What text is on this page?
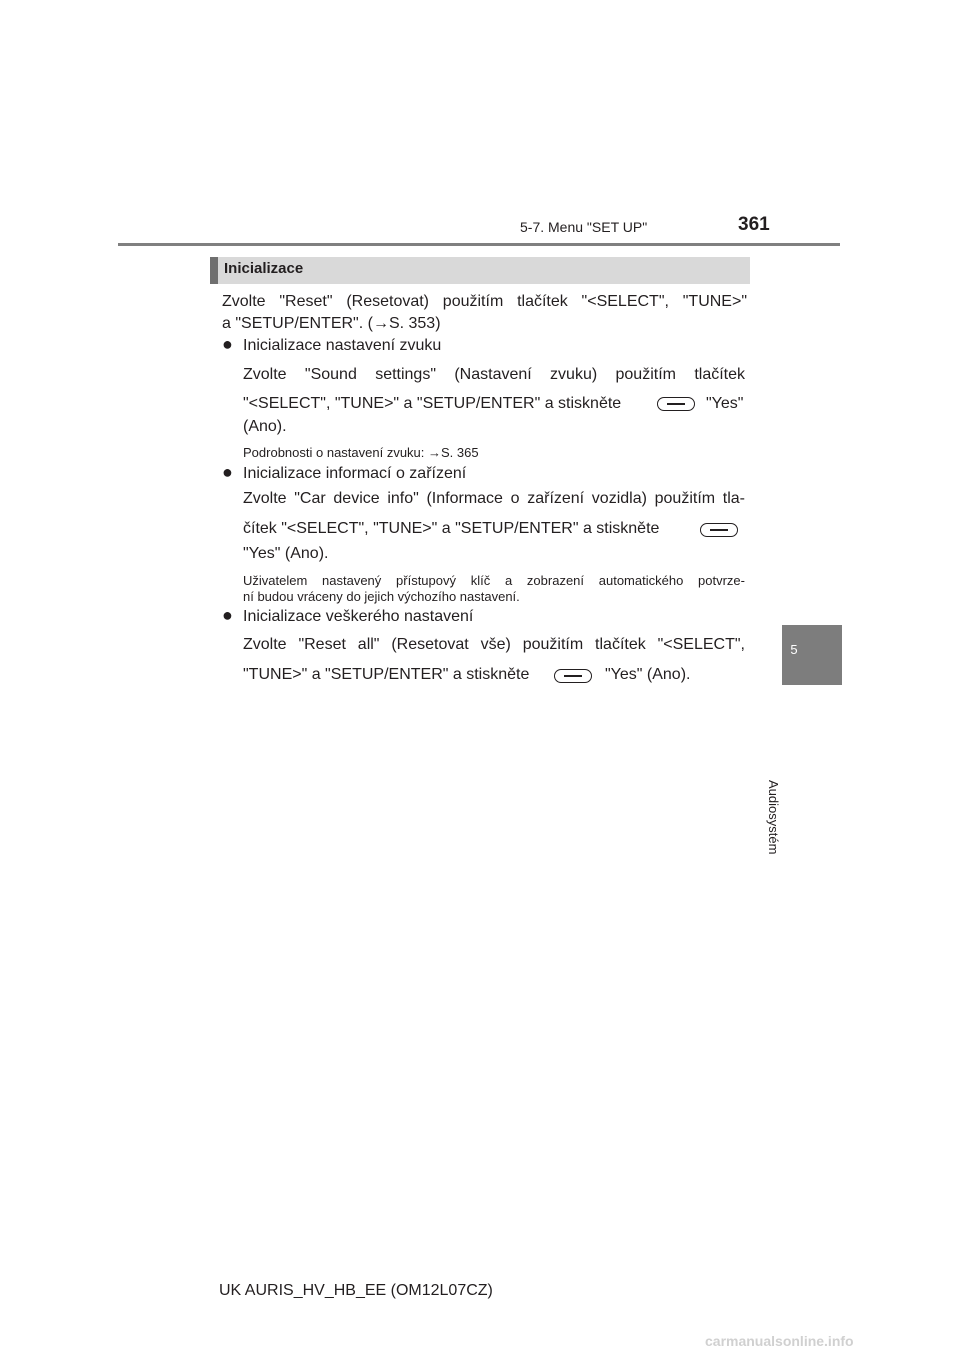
5-7. Menu "SET UP"	361
5
Audiosystém
Inicializace
Zvolte "Reset" (Resetovat) použitím tlačítek "<SELECT", "TUNE>"
a "SETUP/ENTER". (→S. 353)
● Inicializace nastavení zvuku
Zvolte "Sound settings" (Nastavení zvuku) použitím tlačítek
"<SELECT", "TUNE>" a "SETUP/ENTER" a stiskněte	"Yes"
(Ano).
Podrobnosti o nastavení zvuku: →S. 365
● Inicializace informací o zařízení
Zvolte "Car device info" (Informace o zařízení vozidla) použitím tla-
čítek "<SELECT", "TUNE>" a "SETUP/ENTER" a stiskněte
"Yes" (Ano).
Uživatelem nastavený přístupový klíč a zobrazení automatického potvrze-
ní budou vráceny do jejich výchozího nastavení.
● Inicializace veškerého nastavení
Zvolte "Reset all" (Resetovat vše) použitím tlačítek "<SELECT",
"TUNE>" a "SETUP/ENTER" a stiskněte	"Yes" (Ano).
UK AURIS_HV_HB_EE (OM12L07CZ)
carmanualsonline.info
